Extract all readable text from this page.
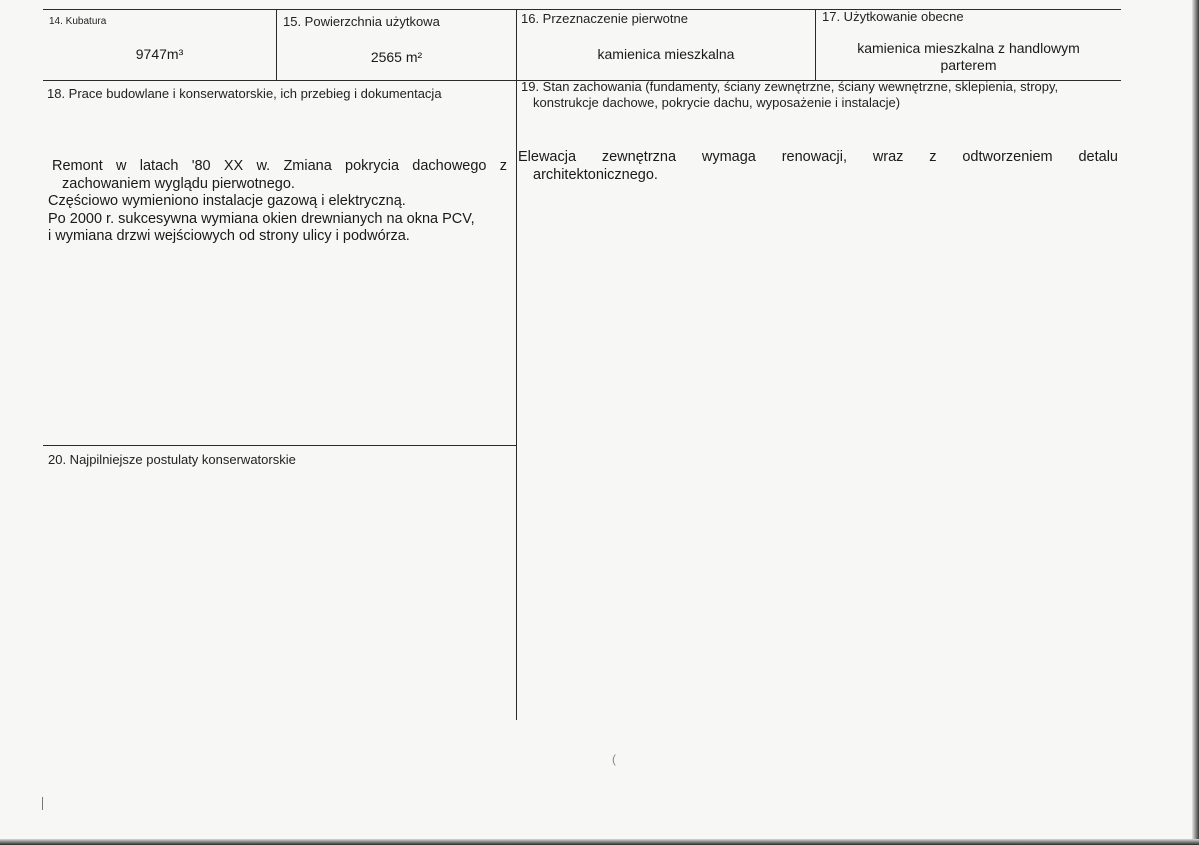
14. Kubatura
9747m³
15. Powierzchnia użytkowa
2565 m²
16. Przeznaczenie pierwotne
kamienica mieszkalna
17. Użytkowanie obecne
kamienica mieszkalna z handlowym
parterem
18. Prace budowlane i konserwatorskie, ich przebieg i dokumentacja
Remont w latach '80 XX w. Zmiana pokrycia dachowego z
zachowaniem wyglądu pierwotnego.
Częściowo wymieniono instalacje gazową i elektryczną.
Po 2000 r. sukcesywna wymiana okien drewnianych na okna PCV,
i wymiana drzwi wejściowych od strony ulicy i podwórza.
19. Stan zachowania (fundamenty, ściany zewnętrzne, ściany wewnętrzne, sklepienia, stropy,
konstrukcje dachowe, pokrycie dachu, wyposażenie i instalacje)
Elewacja zewnętrzna wymaga renowacji, wraz z odtworzeniem detalu
architektonicznego.
20. Najpilniejsze postulaty konserwatorskie
(
